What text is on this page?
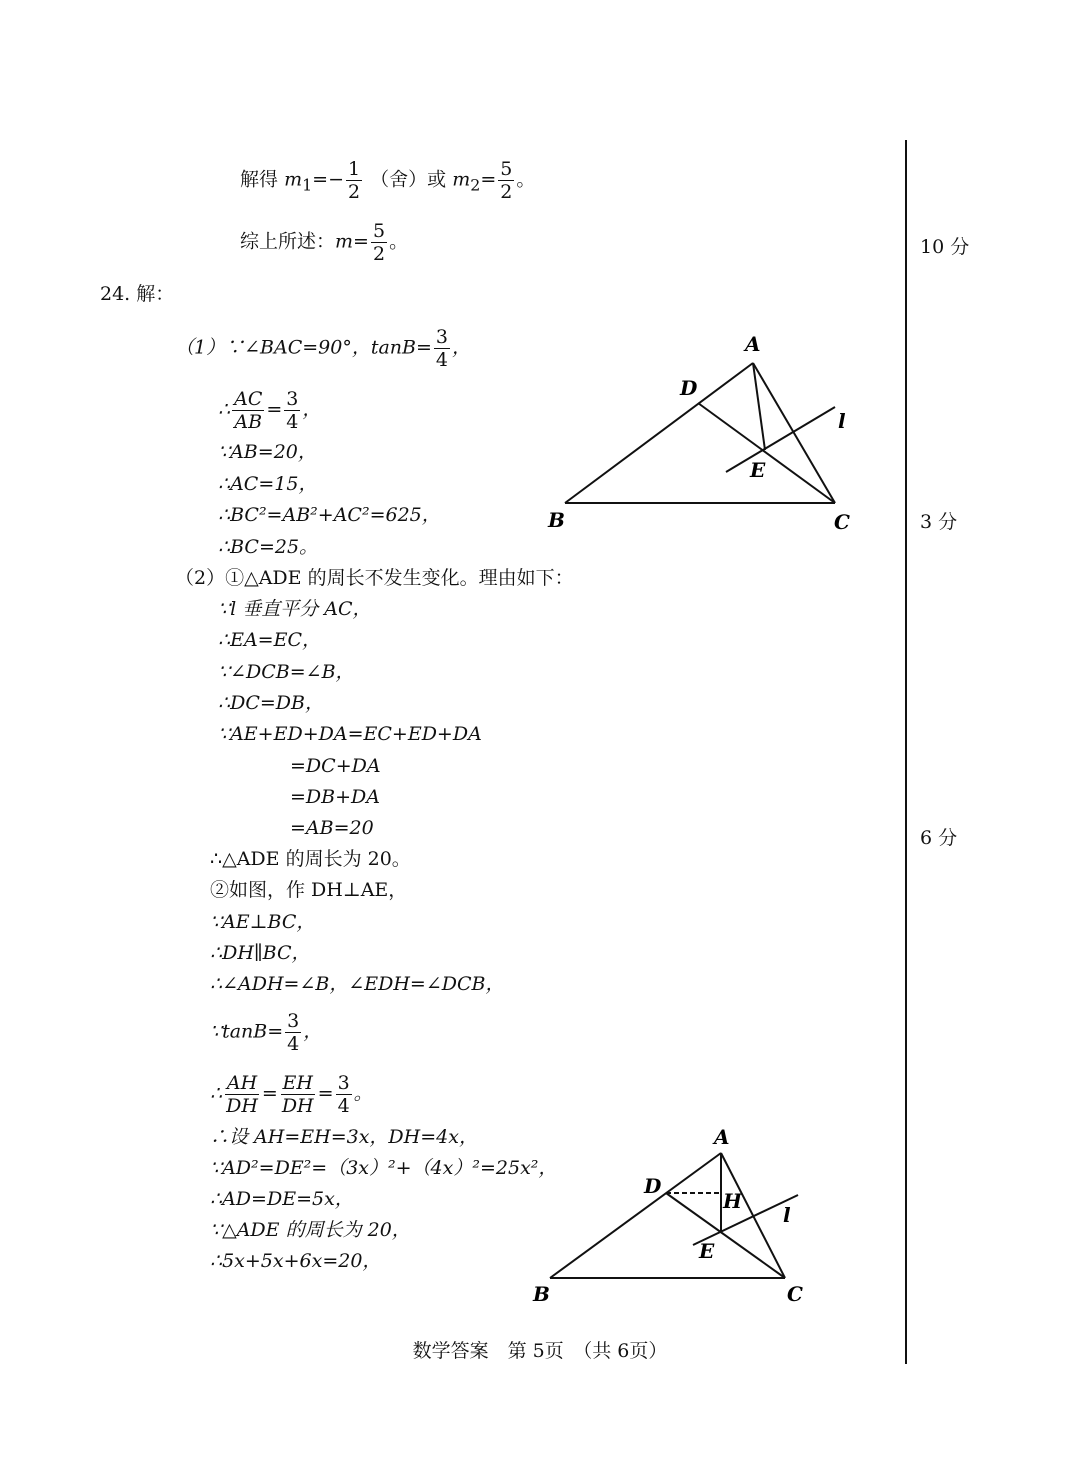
解得 $m_1=- \frac{1}{2}$ （舍）或 $m_2= \frac{5}{2}$ 。
综上所述：$m= \frac{5}{2}$ 。
24. 解：
（1）∵∠BAC=90°，$\tan B= \frac{3}{4}$ ，
∴ $\frac{AC}{AB} = \frac{3}{4}$ ，
∵AB=20，
∴AC=15，
∴BC²=AB²+AC²=625，
∴BC=25。
（2）①△ADE 的周长不发生变化。理由如下：
∵l 垂直平分 AC，
∴EA=EC，
∵∠DCB=∠B，
∴DC=DB，
∵AE+ED+DA=EC+ED+DA
=DC+DA
=DB+DA
=AB=20
∴△ADE 的周长为 20。
②如图，作 DH⊥AE，
∵AE⊥BC，
∴DH∥BC，
∴∠ADH=∠B，∠EDH=∠DCB，
∵tanB= $\frac{3}{4}$ ，
∴ $\frac{AH}{DH} = \frac{EH}{DH} = \frac{3}{4}$ 。
∴设 AH=EH=3x，DH=4x，
∵AD²=DE²=（3x）²+（4x）²=25x²，
∴AD=DE=5x，
∵△ADE 的周长为 20，
∴5x+5x+6x=20，
A
D
l
E
B	C
A
D
H
l
E
B	C
10 分
3 分
6 分
数学答案　第 5页　（共 6页）
